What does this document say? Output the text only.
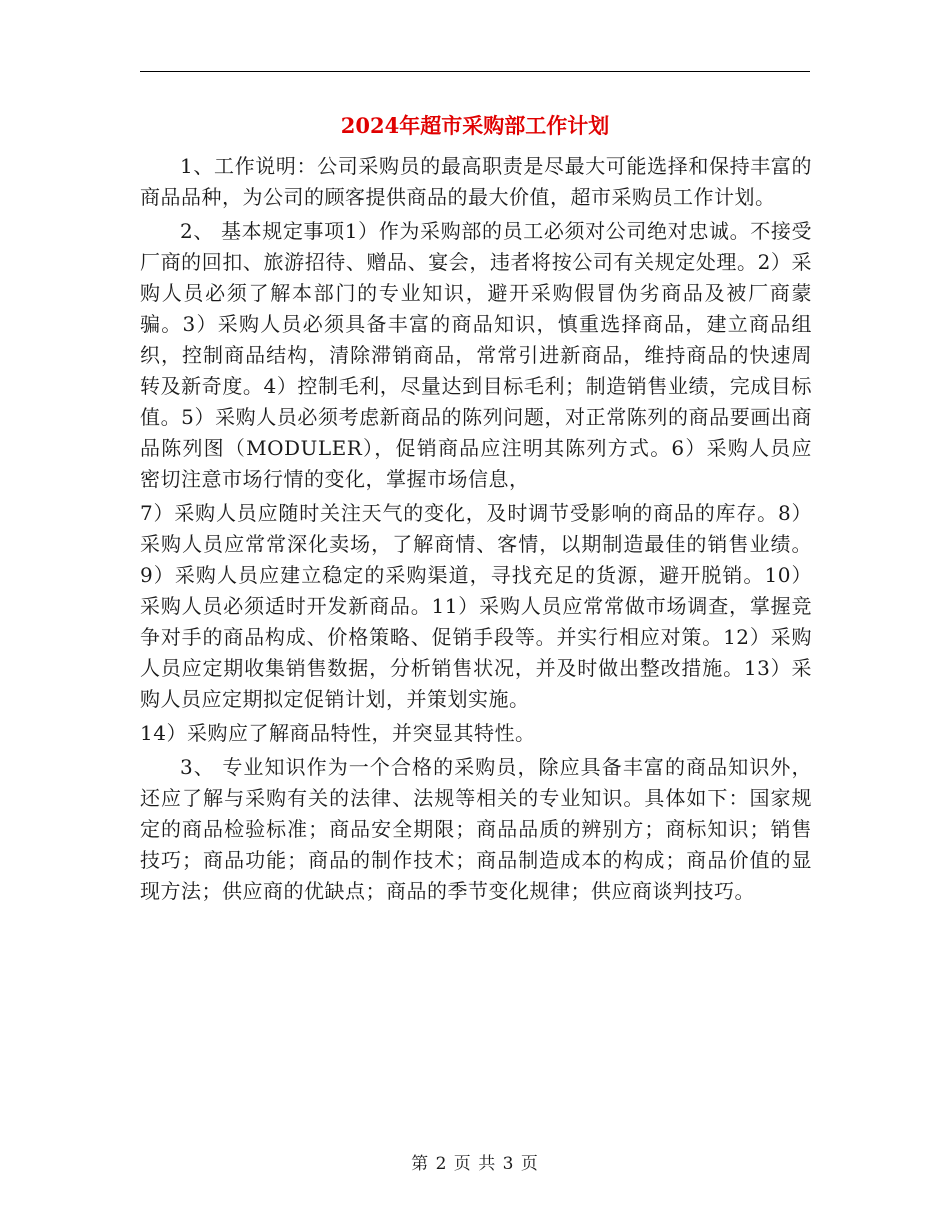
2024年超市采购部工作计划

1、工作说明：公司采购员的最高职责是尽最大可能选择和保持丰富的商品品种，为公司的顾客提供商品的最大价值，超市采购员工作计划。

2、 基本规定事项1）作为采购部的员工必须对公司绝对忠诚。不接受厂商的回扣、旅游招待、赠品、宴会，违者将按公司有关规定处理。2）采购人员必须了解本部门的专业知识，避开采购假冒伪劣商品及被厂商蒙骗。3）采购人员必须具备丰富的商品知识，慎重选择商品，建立商品组织，控制商品结构，清除滞销商品，常常引进新商品，维持商品的快速周转及新奇度。4）控制毛利，尽量达到目标毛利；制造销售业绩，完成目标值。5）采购人员必须考虑新商品的陈列问题，对正常陈列的商品要画出商品陈列图（MODULER），促销商品应注明其陈列方式。6）采购人员应密切注意市场行情的变化，掌握市场信息，

7）采购人员应随时关注天气的变化，及时调节受影响的商品的库存。8）采购人员应常常深化卖场，了解商情、客情，以期制造最佳的销售业绩。9）采购人员应建立稳定的采购渠道，寻找充足的货源，避开脱销。10）采购人员必须适时开发新商品。11）采购人员应常常做市场调查，掌握竞争对手的商品构成、价格策略、促销手段等。并实行相应对策。12）采购人员应定期收集销售数据，分析销售状况，并及时做出整改措施。13）采购人员应定期拟定促销计划，并策划实施。

14）采购应了解商品特性，并突显其特性。

3、 专业知识作为一个合格的采购员，除应具备丰富的商品知识外，还应了解与采购有关的法律、法规等相关的专业知识。具体如下：国家规定的商品检验标准；商品安全期限；商品品质的辨别方；商标知识；销售技巧；商品功能；商品的制作技术；商品制造成本的构成；商品价值的显现方法；供应商的优缺点；商品的季节变化规律；供应商谈判技巧。

第 2 页 共 3 页
